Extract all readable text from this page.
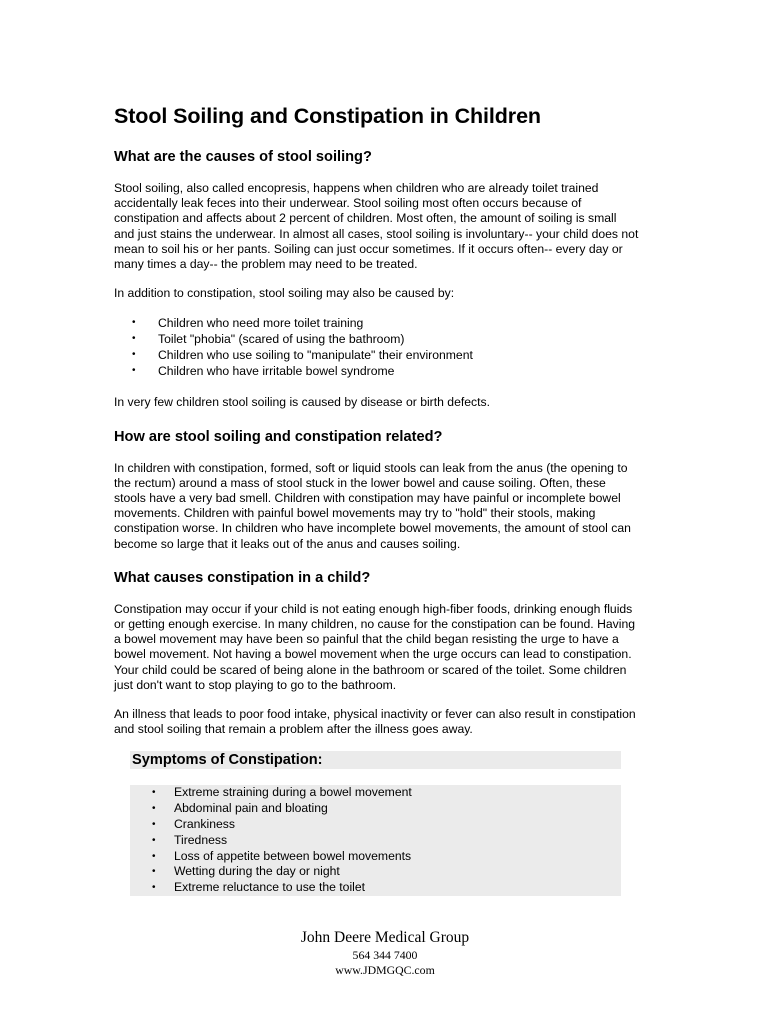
Stool Soiling and Constipation in Children
What are the causes of stool soiling?

Stool soiling, also called encopresis, happens when children who are already toilet trained accidentally leak feces into their underwear. Stool soiling most often occurs because of constipation and affects about 2 percent of children. Most often, the amount of soiling is small and just stains the underwear. In almost all cases, stool soiling is involuntary-- your child does not mean to soil his or her pants. Soiling can just occur sometimes. If it occurs often-- every day or many times a day-- the problem may need to be treated.

In addition to constipation, stool soiling may also be caused by:

•	Children who need more toilet training
•	Toilet "phobia" (scared of using the bathroom)
•	Children who use soiling to "manipulate" their environment
•	Children who have irritable bowel syndrome

In very few children stool soiling is caused by disease or birth defects.

How are stool soiling and constipation related?

In children with constipation, formed, soft or liquid stools can leak from the anus (the opening to the rectum) around a mass of stool stuck in the lower bowel and cause soiling. Often, these stools have a very bad smell. Children with constipation may have painful or incomplete bowel movements. Children with painful bowel movements may try to "hold" their stools, making constipation worse. In children who have incomplete bowel movements, the amount of stool can become so large that it leaks out of the anus and causes soiling.

What causes constipation in a child?

Constipation may occur if your child is not eating enough high-fiber foods, drinking enough fluids or getting enough exercise. In many children, no cause for the constipation can be found. Having a bowel movement may have been so painful that the child began resisting the urge to have a bowel movement. Not having a bowel movement when the urge occurs can lead to constipation. Your child could be scared of being alone in the bathroom or scared of the toilet. Some children just don't want to stop playing to go to the bathroom.

An illness that leads to poor food intake, physical inactivity or fever can also result in constipation and stool soiling that remain a problem after the illness goes away.

Symptoms of Constipation:
•	Extreme straining during a bowel movement
•	Abdominal pain and bloating
•	Crankiness
•	Tiredness
•	Loss of appetite between bowel movements
•	Wetting during the day or night
•	Extreme reluctance to use the toilet
John Deere Medical Group
564 344 7400
www.JDMGQC.com
